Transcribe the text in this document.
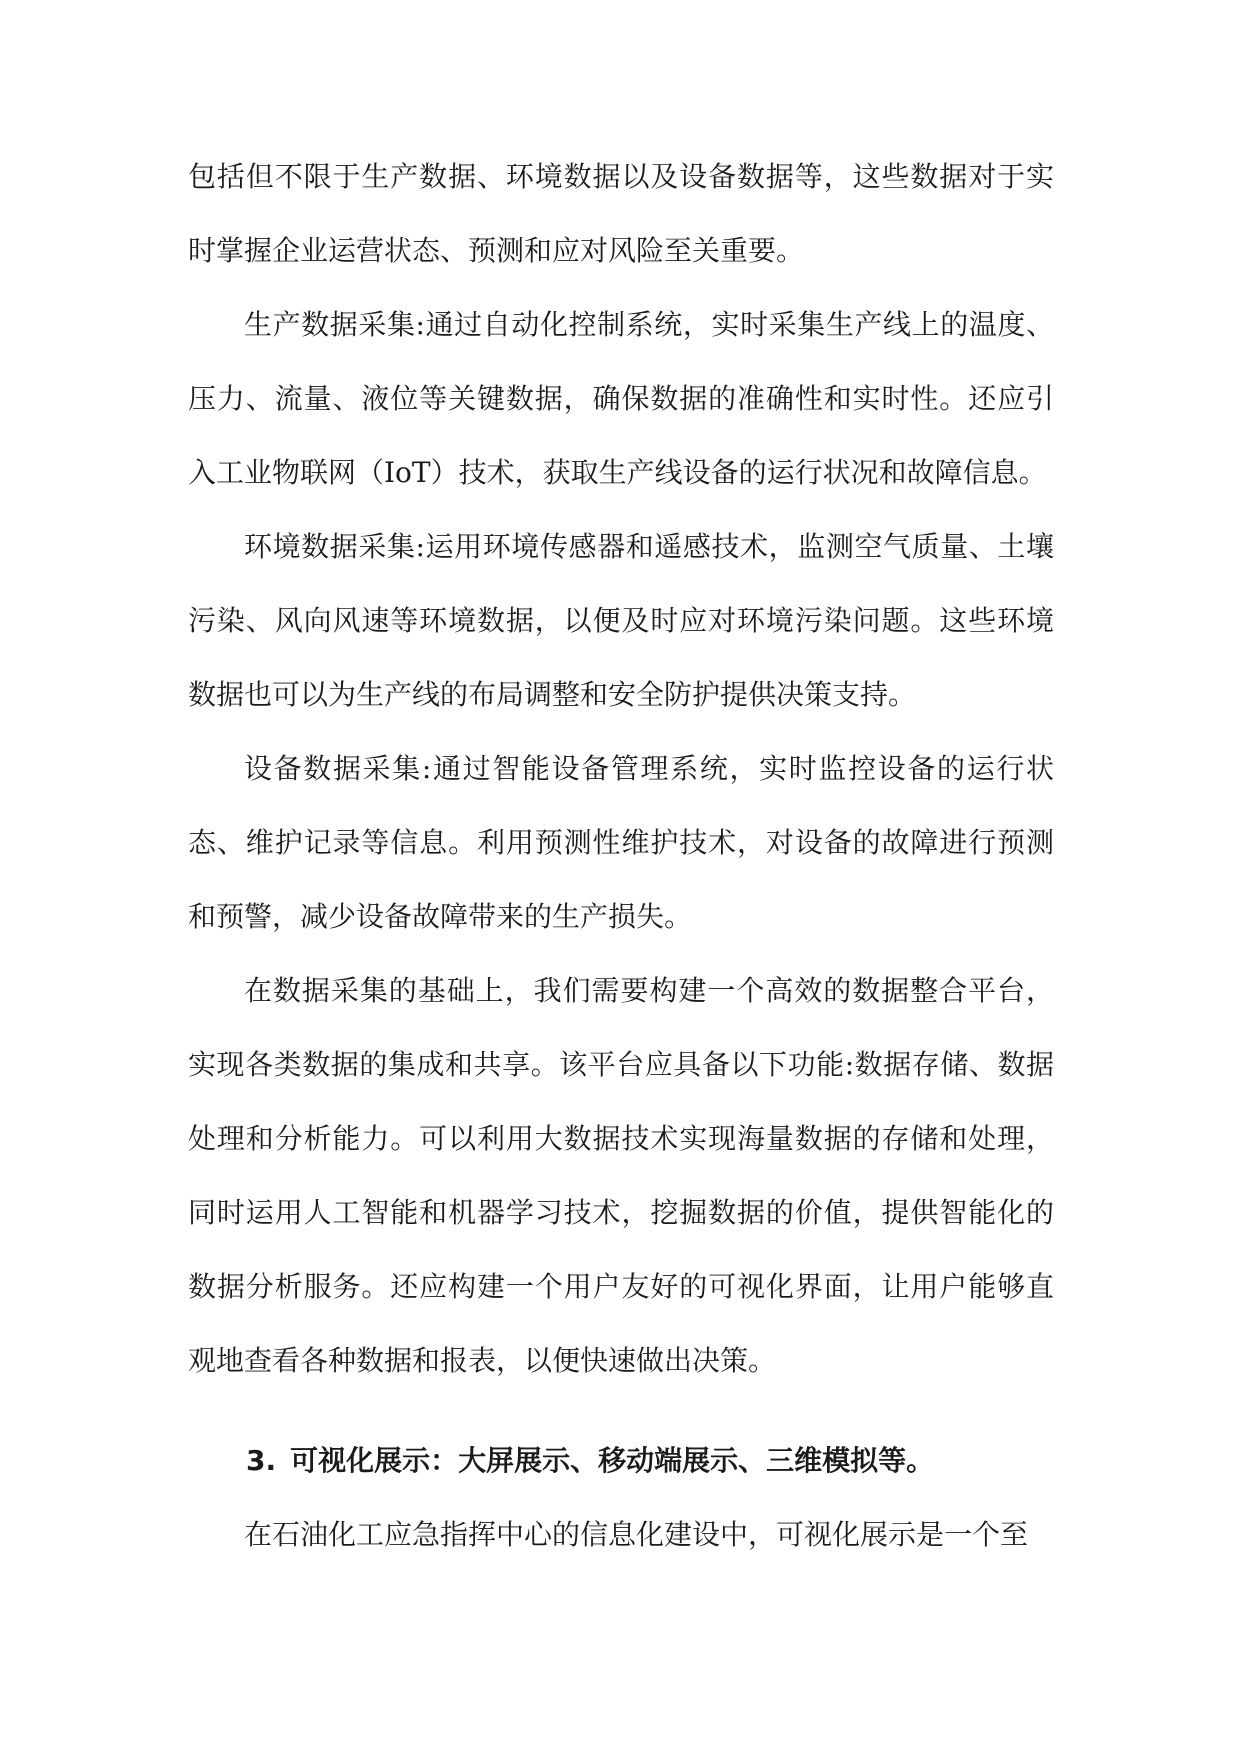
包括但不限于生产数据、环境数据以及设备数据等，这些数据对于实时掌握企业运营状态、预测和应对风险至关重要。

生产数据采集:通过自动化控制系统，实时采集生产线上的温度、压力、流量、液位等关键数据，确保数据的准确性和实时性。还应引入工业物联网（IoT）技术，获取生产线设备的运行状况和故障信息。

环境数据采集:运用环境传感器和遥感技术，监测空气质量、土壤污染、风向风速等环境数据，以便及时应对环境污染问题。这些环境数据也可以为生产线的布局调整和安全防护提供决策支持。

设备数据采集:通过智能设备管理系统，实时监控设备的运行状态、维护记录等信息。利用预测性维护技术，对设备的故障进行预测和预警，减少设备故障带来的生产损失。

在数据采集的基础上，我们需要构建一个高效的数据整合平台，实现各类数据的集成和共享。该平台应具备以下功能:数据存储、数据处理和分析能力。可以利用大数据技术实现海量数据的存储和处理，同时运用人工智能和机器学习技术，挖掘数据的价值，提供智能化的数据分析服务。还应构建一个用户友好的可视化界面，让用户能够直观地查看各种数据和报表，以便快速做出决策。

3. 可视化展示：大屏展示、移动端展示、三维模拟等。

在石油化工应急指挥中心的信息化建设中，可视化展示是一个至
